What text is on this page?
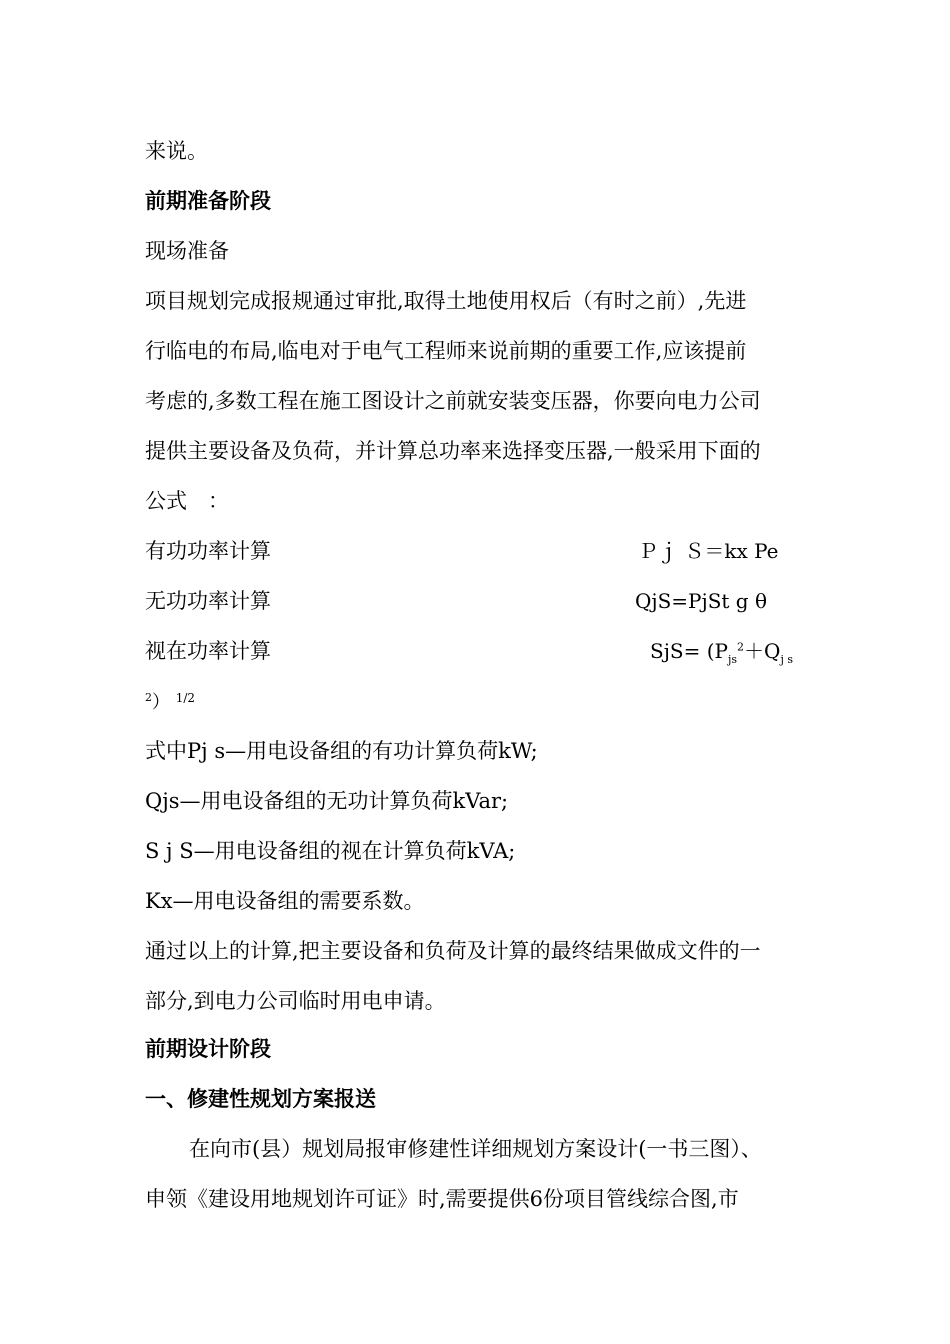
来说。
前期准备阶段
现场准备
项目规划完成报规通过审批,取得土地使用权后（有时之前）,先进
行临电的布局,临电对于电气工程师来说前期的重要工作,应该提前
考虑的,多数工程在施工图设计之前就安装变压器，你要向电力公司
提供主要设备及负荷，并计算总功率来选择变压器,一般采用下面的
公式　：
有功功率计算	Ｐｊ Ｓ＝kx Pe
无功功率计算	QjS=PjSt g θ
视在功率计算	$SjS= (P_{js}^2+Q_{j s}$
$^2$） $^{1/2}$
式中Pj s—用电设备组的有功计算负荷kW;
Qjs—用电设备组的无功计算负荷kVar;
S j S—用电设备组的视在计算负荷kVA;
Kx—用电设备组的需要系数。
通过以上的计算,把主要设备和负荷及计算的最终结果做成文件的一
部分,到电力公司临时用电申请。
前期设计阶段
一、修建性规划方案报送
在向市(县）规划局报审修建性详细规划方案设计(一书三图）、
申领《建设用地规划许可证》时,需要提供6份项目管线综合图,市
